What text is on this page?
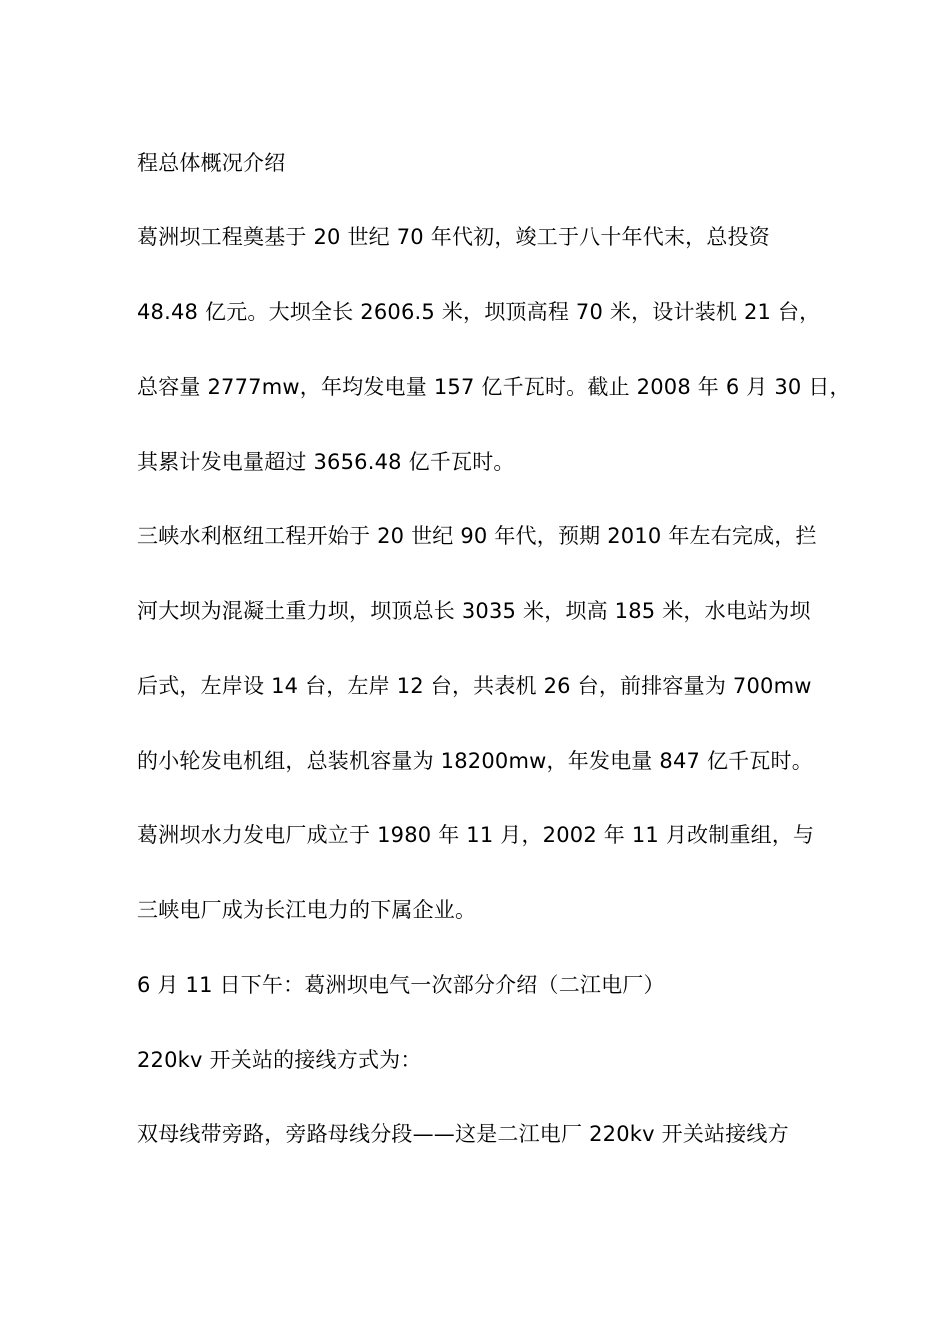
程总体概况介绍
葛洲坝工程奠基于 20 世纪 70 年代初，竣工于八十年代末，总投资
48.48 亿元。大坝全长 2606.5 米，坝顶高程 70 米，设计装机 21 台，
总容量 2777mw，年均发电量 157 亿千瓦时。截止 2008 年 6 月 30 日，
其累计发电量超过 3656.48 亿千瓦时。
三峡水利枢纽工程开始于 20 世纪 90 年代，预期 2010 年左右完成，拦
河大坝为混凝土重力坝，坝顶总长 3035 米，坝高 185 米，水电站为坝
后式，左岸设 14 台，左岸 12 台，共表机 26 台，前排容量为 700mw
的小轮发电机组，总装机容量为 18200mw，年发电量 847 亿千瓦时。
葛洲坝水力发电厂成立于 1980 年 11 月，2002 年 11 月改制重组，与
三峡电厂成为长江电力的下属企业。
6 月 11 日下午：葛洲坝电气一次部分介绍（二江电厂）
220kv 开关站的接线方式为：
双母线带旁路，旁路母线分段——这是二江电厂 220kv 开关站接线方
